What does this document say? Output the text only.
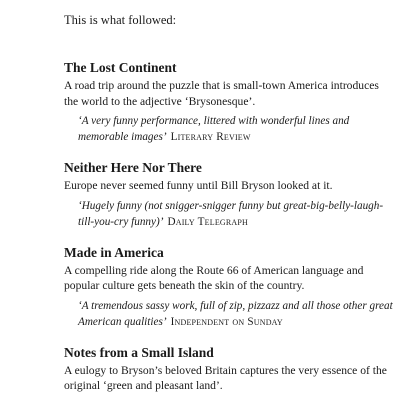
This is what followed:

The Lost Continent

A road trip around the puzzle that is small-town America introduces the world to the adjective ‘Brysonesque’.

‘A very funny performance, littered with wonderful lines and memorable images’ Literary Review

Neither Here Nor There

Europe never seemed funny until Bill Bryson looked at it.

‘Hugely funny (not snigger-snigger funny but great-big-belly-laugh-till-you-cry funny)’ Daily Telegraph

Made in America

A compelling ride along the Route 66 of American language and popular culture gets beneath the skin of the country.

‘A tremendous sassy work, full of zip, pizzazz and all those other great American qualities’ Independent on Sunday

Notes from a Small Island

A eulogy to Bryson’s beloved Britain captures the very essence of the original ‘green and pleasant land’.
